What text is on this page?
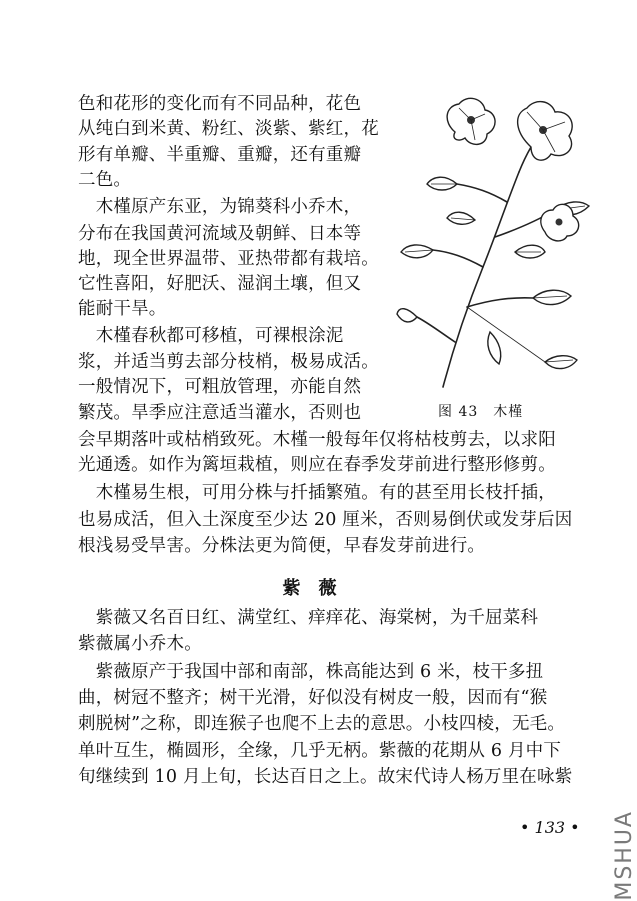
色和花形的变化而有不同品种，花色
从纯白到米黄、粉红、淡紫、紫红，花
形有单瓣、半重瓣、重瓣，还有重瓣
二色。
　木槿原产东亚，为锦葵科小乔木，
分布在我国黄河流域及朝鲜、日本等
地，现全世界温带、亚热带都有栽培。
它性喜阳，好肥沃、湿润土壤，但又
能耐干旱。
　木槿春秋都可移植，可裸根涂泥
浆，并适当剪去部分枝梢，极易成活。
一般情况下，可粗放管理，亦能自然
繁茂。旱季应注意适当灌水，否则也
会早期落叶或枯梢致死。木槿一般每年仅将枯枝剪去，以求阳
光通透。如作为篱垣栽植，则应在春季发芽前进行整形修剪。
　木槿易生根，可用分株与扦插繁殖。有的甚至用长枝扦插，
也易成活，但入土深度至少达 20 厘米，否则易倒伏或发芽后因
根浅易受旱害。分株法更为简便，早春发芽前进行。
紫薇
　紫薇又名百日红、满堂红、痒痒花、海棠树，为千屈菜科
紫薇属小乔木。
　紫薇原产于我国中部和南部，株高能达到 6 米，枝干多扭
曲，树冠不整齐；树干光滑，好似没有树皮一般，因而有“猴
刺脱树”之称，即连猴子也爬不上去的意思。小枝四棱，无毛。
单叶互生，椭圆形，全缘，几乎无柄。紫薇的花期从 6 月中下
旬继续到 10 月上旬，长达百日之上。故宋代诗人杨万里在咏紫
图 43　木槿
• 133 • MSHUA
